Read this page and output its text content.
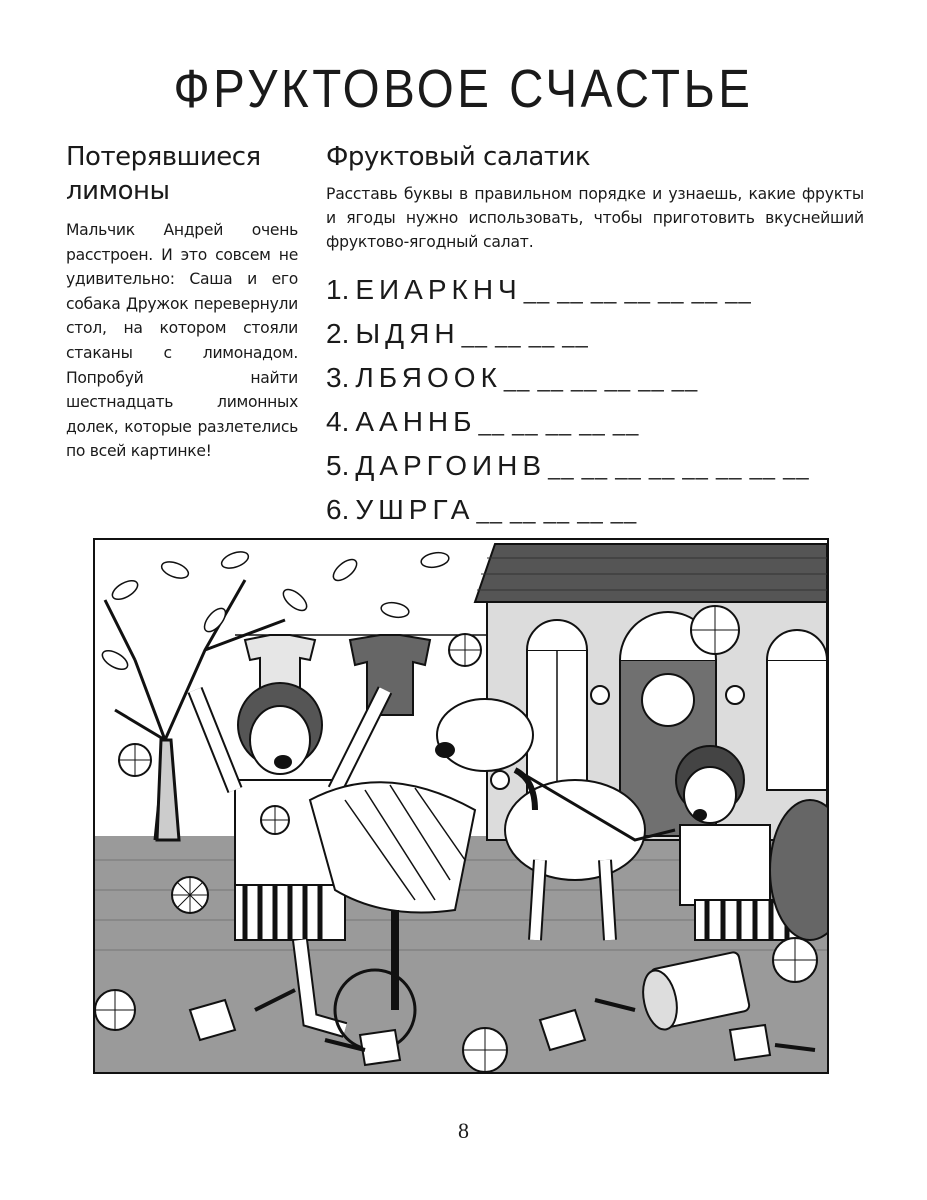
ФРУКТОВОЕ СЧАСТЬЕ
Потерявшиеся
лимоны
Мальчик Андрей очень расстроен. И это совсем не удивительно: Саша и его собака Дружок перевернули стол, на котором стояли стаканы с лимонадом. Попробуй найти шестнадцать лимонных долек, которые разлетелись по всей картинке!
Фруктовый салатик
Расставь буквы в правильном порядке и узнаешь, какие фрукты и ягоды нужно использовать, чтобы приготовить вкуснейший фруктово-ягодный салат.
1. ЕИАРКНЧ__ __ __ __ __ __ __
2. ЫДЯН__ __ __ __
3. ЛБЯООК__ __ __ __ __ __
4. ААННБ__ __ __ __ __
5. ДАРГОИНВ__ __ __ __ __ __ __ __
6. УШРГА__ __ __ __ __
8
